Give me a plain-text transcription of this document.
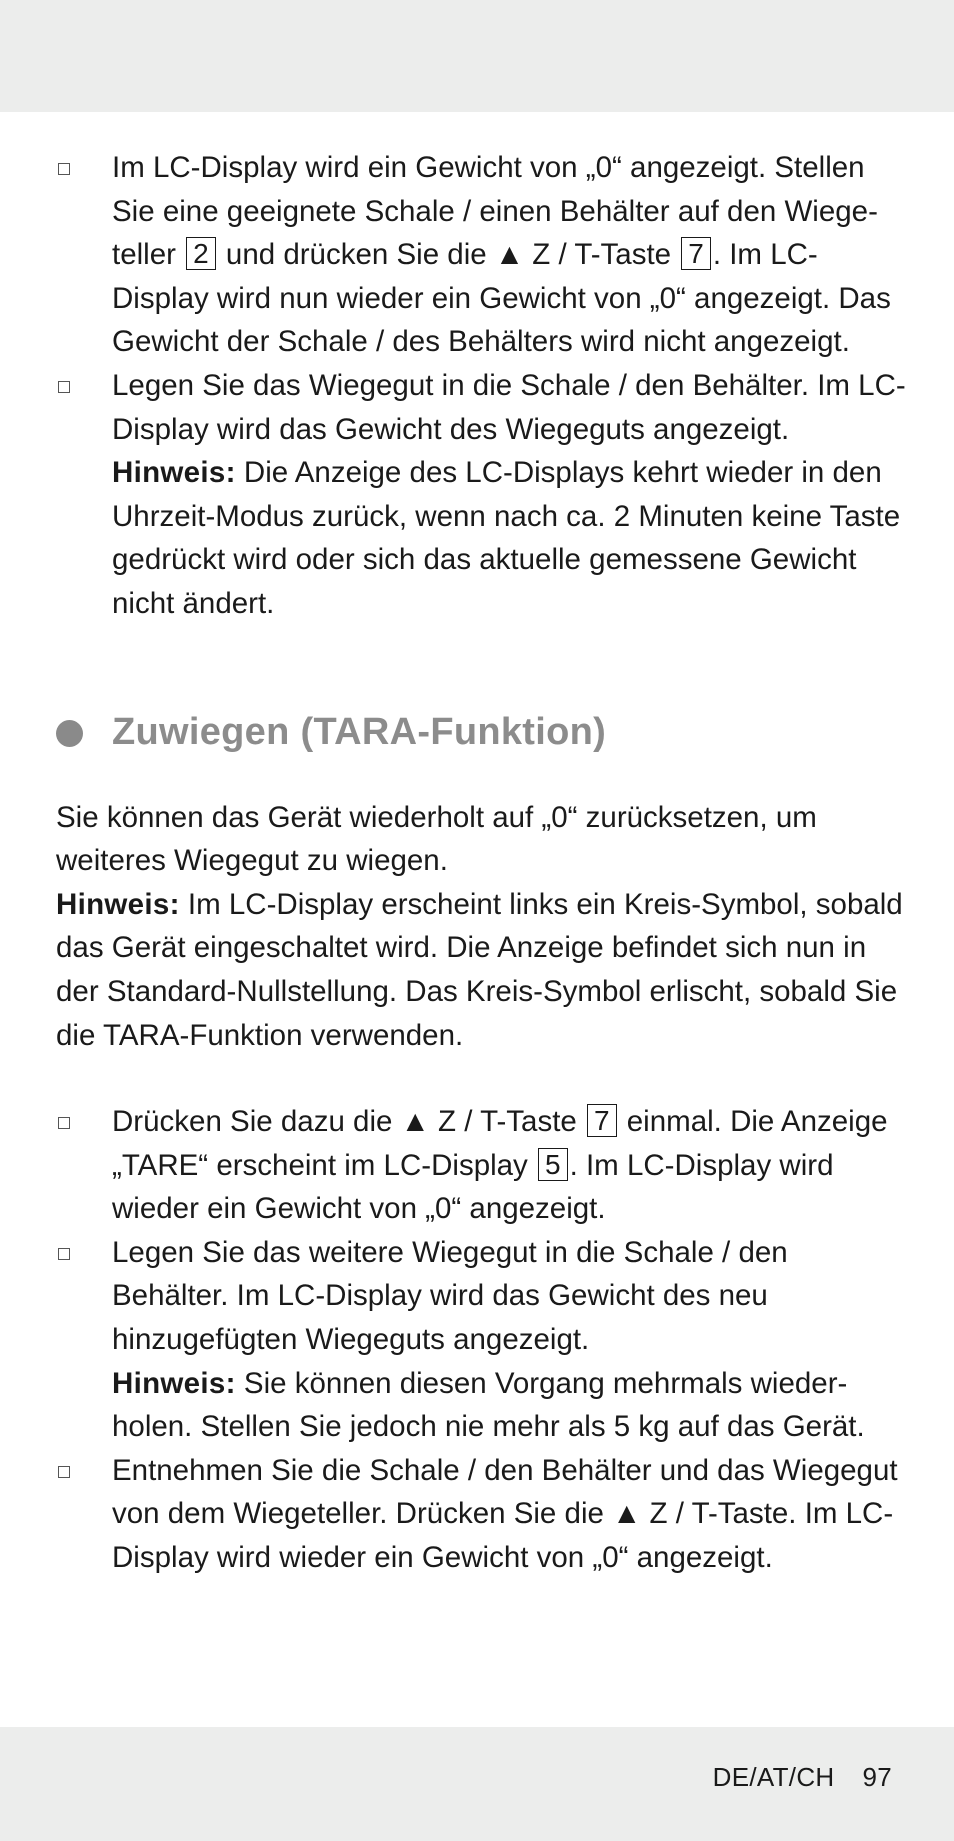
Im LC-Display wird ein Gewicht von „0“ angezeigt. Stellen Sie eine geeignete Schale / einen Behälter auf den Wiege- teller 2 und drücken Sie die ▲ Z / T-Taste 7 . Im LC-Display wird nun wieder ein Gewicht von „0“ angezeigt. Das Gewicht der Schale / des Behälters wird nicht angezeigt.
Legen Sie das Wiegegut in die Schale / den Behälter. Im LC-Display wird das Gewicht des Wiegeguts angezeigt.
Hinweis: Die Anzeige des LC-Displays kehrt wieder in den Uhrzeit-Modus zurück, wenn nach ca. 2 Minuten keine Taste gedrückt wird oder sich das aktuelle gemessene Gewicht nicht ändert.
Zuwiegen (TARA-Funktion)
Sie können das Gerät wiederholt auf „0“ zurücksetzen, um weiteres Wiegegut zu wiegen.
Hinweis: Im LC-Display erscheint links ein Kreis-Symbol, sobald das Gerät eingeschaltet wird. Die Anzeige befindet sich nun in der Standard-Nullstellung. Das Kreis-Symbol erlischt, sobald Sie die TARA-Funktion verwenden.
Drücken Sie dazu die ▲ Z / T-Taste 7 einmal. Die Anzeige „TARE“ erscheint im LC-Display 5 . Im LC-Display wird wieder ein Gewicht von „0“ angezeigt.
Legen Sie das weitere Wiegegut in die Schale / den Behälter. Im LC-Display wird das Gewicht des neu hinzugefügten Wiegeguts angezeigt.
Hinweis: Sie können diesen Vorgang mehrmals wieder- holen. Stellen Sie jedoch nie mehr als 5 kg auf das Gerät.
Entnehmen Sie die Schale / den Behälter und das Wiegegut von dem Wiegeteller. Drücken Sie die ▲ Z / T-Taste. Im LC-Display wird wieder ein Gewicht von „0“ angezeigt.
DE/AT/CH 97
